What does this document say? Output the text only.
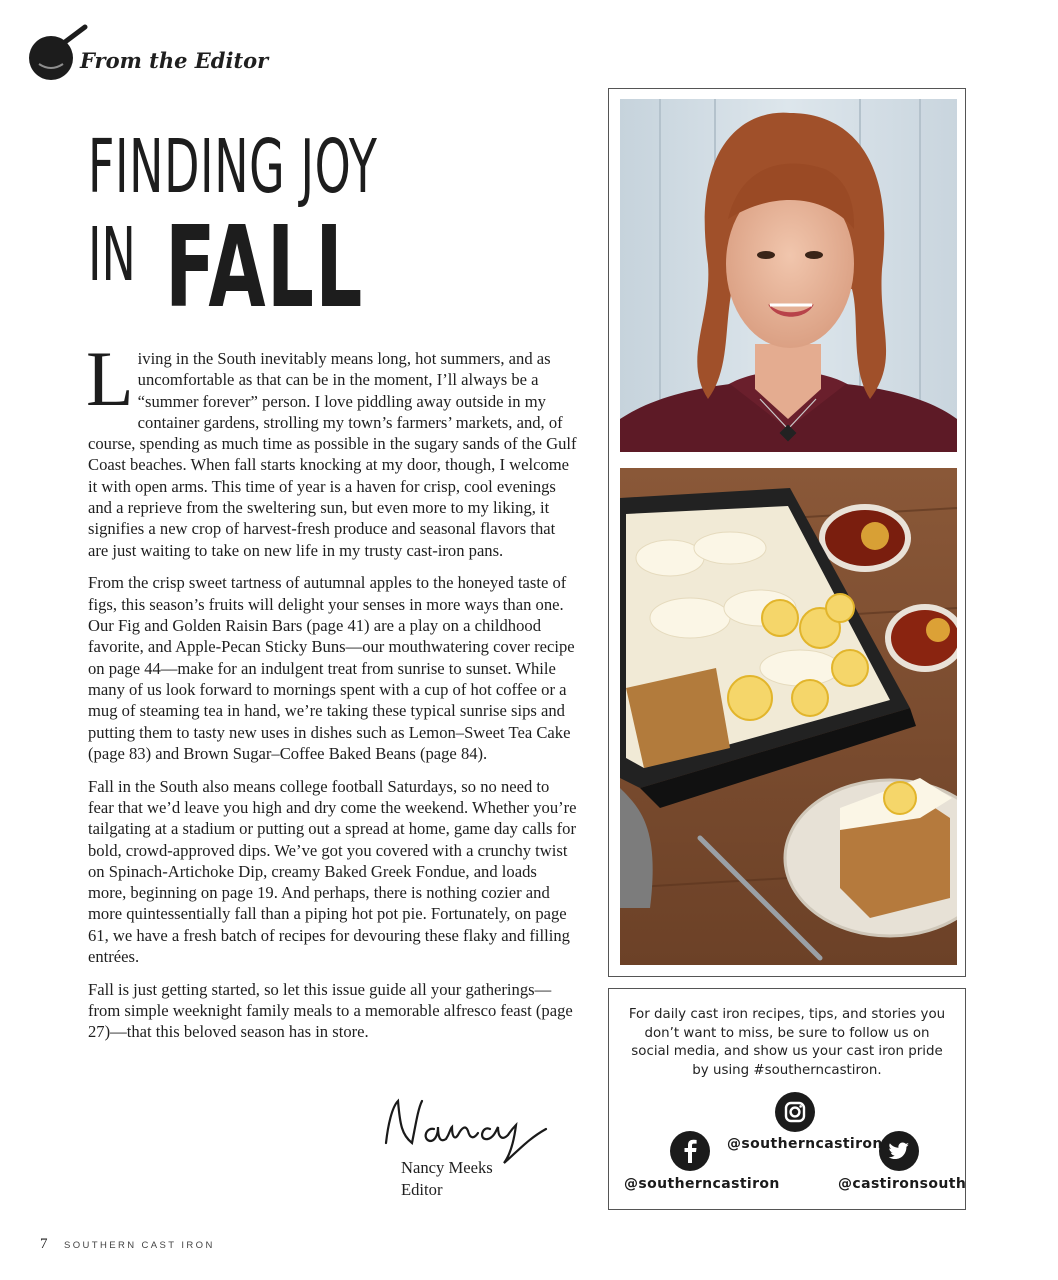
From the Editor
FINDING JOY
IN FALL

Living in the South inevitably means long, hot summers, and as uncomfortable as that can be in the moment, I’ll always be a “summer forever” person. I love piddling away outside in my container gardens, strolling my town’s farmers’ markets, and, of course, spending as much time as possible in the sugary sands of the Gulf Coast beaches. When fall starts knocking at my door, though, I welcome it with open arms. This time of year is a haven for crisp, cool evenings and a reprieve from the sweltering sun, but even more to my liking, it signifies a new crop of harvest-fresh produce and seasonal flavors that are just waiting to take on new life in my trusty cast-iron pans.

From the crisp sweet tartness of autumnal apples to the honeyed taste of figs, this season’s fruits will delight your senses in more ways than one. Our Fig and Golden Raisin Bars (page 41) are a play on a childhood favorite, and Apple-Pecan Sticky Buns—our mouthwatering cover recipe on page 44—make for an indulgent treat from sunrise to sunset. While many of us look forward to mornings spent with a cup of hot coffee or a mug of steaming tea in hand, we’re taking these typical sunrise sips and putting them to tasty new uses in dishes such as Lemon–Sweet Tea Cake (page 83) and Brown Sugar–Coffee Baked Beans (page 84).

Fall in the South also means college football Saturdays, so no need to fear that we’d leave you high and dry come the weekend. Whether you’re tailgating at a stadium or putting out a spread at home, game day calls for bold, crowd-approved dips. We’ve got you covered with a crunchy twist on Spinach-Artichoke Dip, creamy Baked Greek Fondue, and loads more, beginning on page 19. And perhaps, there is nothing cozier and more quintessentially fall than a piping hot pot pie. Fortunately, on page 61, we have a fresh batch of recipes for devouring these flaky and filling entrées.

Fall is just getting started, so let this issue guide all your gatherings—from simple weeknight family meals to a memorable alfresco feast (page 27)—that this beloved season has in store.

Nancy Meeks
Editor
For daily cast iron recipes, tips, and stories you don’t want to miss, be sure to follow us on social media, and show us your cast iron pride by using #southerncastiron.
@southerncastiron
@southerncastiron	@castironsouth
7 SOUTHERN CAST IRON
